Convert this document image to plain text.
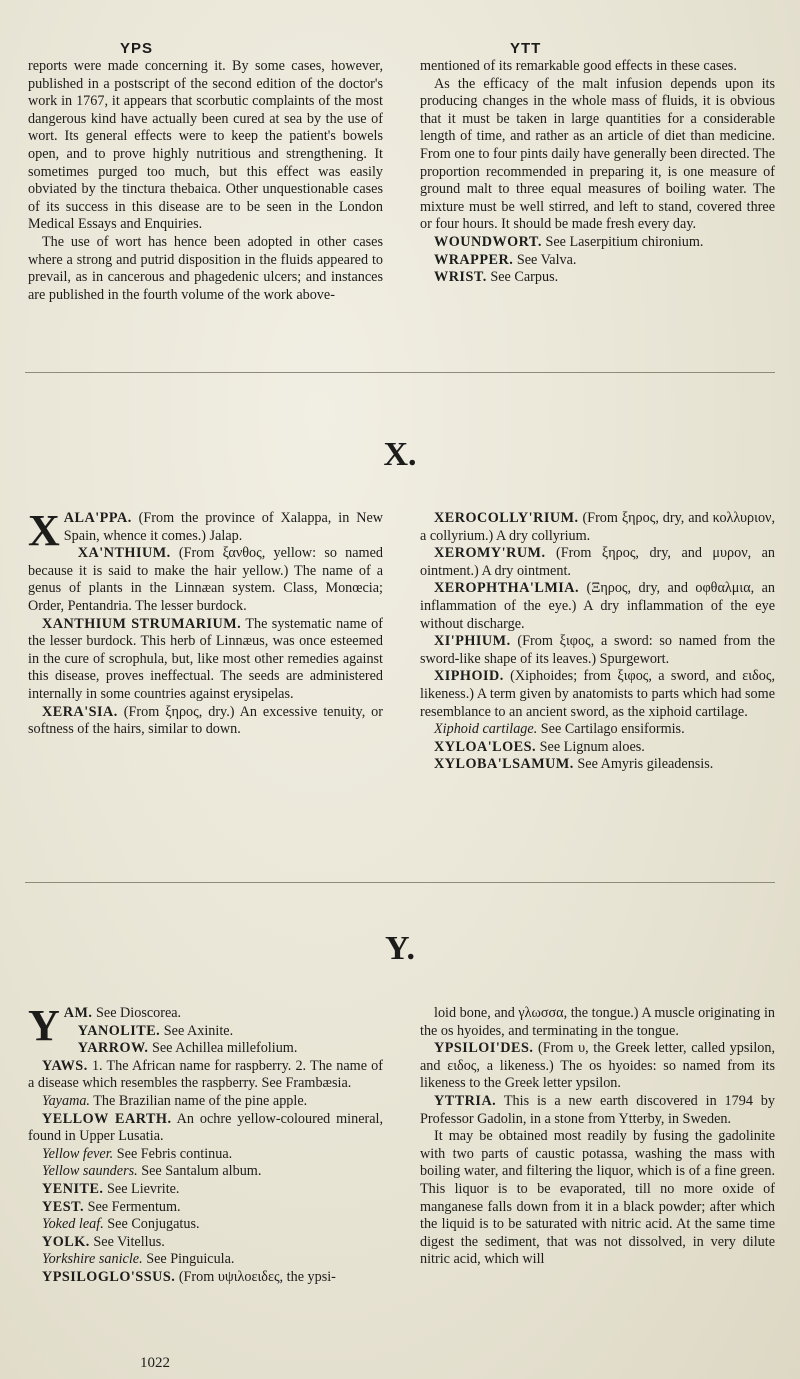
YPS	YTT

reports were made concerning it. By some cases, however, published in a postscript of the second edition of the doctor's work in 1767, it appears that scorbutic complaints of the most dangerous kind have actually been cured at sea by the use of wort. Its general effects were to keep the patient's bowels open, and to prove highly nutritious and strengthening. It sometimes purged too much, but this effect was easily obviated by the tinctura thebaica. Other unquestionable cases of its success in this disease are to be seen in the London Medical Essays and Enquiries.

The use of wort has hence been adopted in other cases where a strong and putrid disposition in the fluids appeared to prevail, as in cancerous and phagedenic ulcers; and instances are published in the fourth volume of the work above-

mentioned of its remarkable good effects in these cases.

As the efficacy of the malt infusion depends upon its producing changes in the whole mass of fluids, it is obvious that it must be taken in large quantities for a considerable length of time, and rather as an article of diet than medicine. From one to four pints daily have generally been directed. The proportion recommended in preparing it, is one measure of ground malt to three equal measures of boiling water. The mixture must be well stirred, and left to stand, covered three or four hours. It should be made fresh every day.

WOUNDWORT. See Laserpitium chironium.

WRAPPER. See Valva.

WRIST. See Carpus.

X.

XALA'PPA. (From the province of Xalappa, in New Spain, whence it comes.) Jalap.

XA'NTHIUM. (From ξανθος, yellow: so named because it is said to make the hair yellow.) The name of a genus of plants in the Linnæan system. Class, Monœcia; Order, Pentandria. The lesser burdock.

XANTHIUM STRUMARIUM. The systematic name of the lesser burdock. This herb of Linnæus, was once esteemed in the cure of scrophula, but, like most other remedies against this disease, proves ineffectual. The seeds are administered internally in some countries against erysipelas.

XERA'SIA. (From ξηρος, dry.) An excessive tenuity, or softness of the hairs, similar to down.

XEROCOLLY'RIUM. (From ξηρος, dry, and κολλυριον, a collyrium.) A dry collyrium.

XEROMY'RUM. (From ξηρος, dry, and μυρον, an ointment.) A dry ointment.

XEROPHTHA'LMIA. (Ξηρος, dry, and οφθαλμια, an inflammation of the eye.) A dry inflammation of the eye without discharge.

XI'PHIUM. (From ξιφος, a sword: so named from the sword-like shape of its leaves.) Spurgewort.

XIPHOID. (Xiphoides; from ξιφος, a sword, and ειδος, likeness.) A term given by anatomists to parts which had some resemblance to an ancient sword, as the xiphoid cartilage.

Xiphoid cartilage. See Cartilago ensiformis.

XYLOA'LOES. See Lignum aloes.

XYLOBA'LSAMUM. See Amyris gileadensis.

Y.

YAM. See Dioscorea.

YANOLITE. See Axinite.

YARROW. See Achillea millefolium.

YAWS. 1. The African name for raspberry. 2. The name of a disease which resembles the raspberry. See Frambæsia.

Yayama. The Brazilian name of the pine apple.

YELLOW EARTH. An ochre yellow-coloured mineral, found in Upper Lusatia.

Yellow fever. See Febris continua.

Yellow saunders. See Santalum album.

YENITE. See Lievrite.

YEST. See Fermentum.

Yoked leaf. See Conjugatus.

YOLK. See Vitellus.

Yorkshire sanicle. See Pinguicula.

YPSILOGLO'SSUS. (From υψιλοειδες, the ypsi-

loid bone, and γλωσσα, the tongue.) A muscle originating in the os hyoides, and terminating in the tongue.

YPSILOI'DES. (From υ, the Greek letter, called ypsilon, and ειδος, a likeness.) The os hyoides: so named from its likeness to the Greek letter ypsilon.

YTTRIA. This is a new earth discovered in 1794 by Professor Gadolin, in a stone from Ytterby, in Sweden.

It may be obtained most readily by fusing the gadolinite with two parts of caustic potassa, washing the mass with boiling water, and filtering the liquor, which is of a fine green. This liquor is to be evaporated, till no more oxide of manganese falls down from it in a black powder; after which the liquid is to be saturated with nitric acid. At the same time digest the sediment, that was not dissolved, in very dilute nitric acid, which will

1022
